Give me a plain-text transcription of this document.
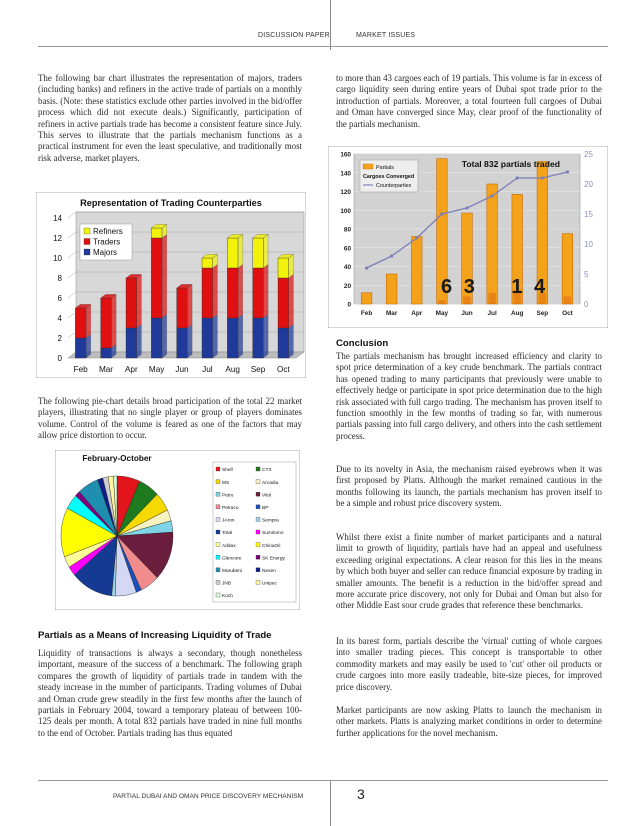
DISCUSSION PAPER	MARKET ISSUES

The following bar chart illustrates the representation of majors, traders (including banks) and refiners in the active trade of partials on a monthly basis. (Note: these statistics exclude other parties involved in the bid/offer process which did not execute deals.) Significantly, participation of refiners in active partials trade has become a consistent feature since July. This serves to illustrate that the partials mechanism functions as a practical instrument for even the least speculative, and traditionally most risk adverse, market players.

Representation of Trading Counterparties
0
2
4
6
8
10
12
14
Feb Mar Apr May Jun Jul Aug Sep Oct
Refiners
Traders
Majors

The following pie-chart details broad participation of the total 22 market players, illustrating that no single player or group of players dominates volume. Control of the volume is feared as one of the factors that may allow price distortion to occur.

February-October
Shell	CTX
MS	Arcadia
Petro	Vitol
Petraco	BP
JAron	Sempra
Total	Sumitomo
Addax	ChinaOil
Glencore	SK Energy
Marubeni	Nexen
JNB	Unipec
Koch
Partials as a Means of Increasing Liquidity of Trade

Liquidity of transactions is always a secondary, though nonetheless important, measure of the success of a benchmark. The following graph compares the growth of liquidity of partials trade in tandem with the steady increase in the number of participants. Trading volumes of Dubai and Oman crude grew steadily in the first few months after the launch of partials in February 2004, toward a temporary plateau of between 100-125 deals per month. A total 832 partials have traded in nine full months to the end of October. Partials trading has thus equated

to more than 43 cargoes each of 19 partials. This volume is far in excess of cargo liquidity seen during entire years of Dubai spot trade prior to the introduction of partials. Moreover, a total fourteen full cargoes of Dubai and Oman have converged since May, clear proof of the functionality of the partials mechanism.

0
20
40
60
80
100
120
140
160
0
5
10
15
20
25
Feb Mar Apr May Jun Jul Aug Sep Oct
6 3 1 4
Total 832 partials traded
Partials
Cargoes Converged
Counterparties
Conclusion

The partials mechanism has brought increased efficiency and clarity to spot price determination of a key crude benchmark. The partials contract has opened trading to many participants that previously were unable to effectively hedge or participate in spot price determination due to the high risk associated with full cargo trading. The mechanism has proven itself to function smoothly in the few months of trading so far, with numerous partials passing into full cargo delivery, and others into the cash settlement process.

Due to its novelty in Asia, the mechanism raised eyebrows when it was first proposed by Platts. Although the market remained cautious in the months following its launch, the partials mechanism has proven itself to be a simple and robust price discovery system.

Whilst there exist a finite number of market participants and a natural limit to growth of liquidity, partials have had an appeal and usefulness exceeding original expectations. A clear reason for this lies in the means by which both buyer and seller can reduce financial exposure by trading in smaller amounts. The benefit is a reduction in the bid/offer spread and more accurate price discovery, not only for Dubai and Oman but also for other Middle East sour crude grades that reference these benchmarks.

In its barest form, partials describe the 'virtual' cutting of whole cargoes into smaller trading pieces. This concept is transportable to other commodity markets and may easily be used to 'cut' other oil products or crude cargoes into more easily tradeable, bite-size pieces, for improved price discovery.

Market participants are now asking Platts to launch the mechanism in other markets. Platts is analyzing market conditions in order to determine further applications for the novel mechanism.

PARTIAL DUBAI AND OMAN PRICE DISCOVERY MECHANISM	3
